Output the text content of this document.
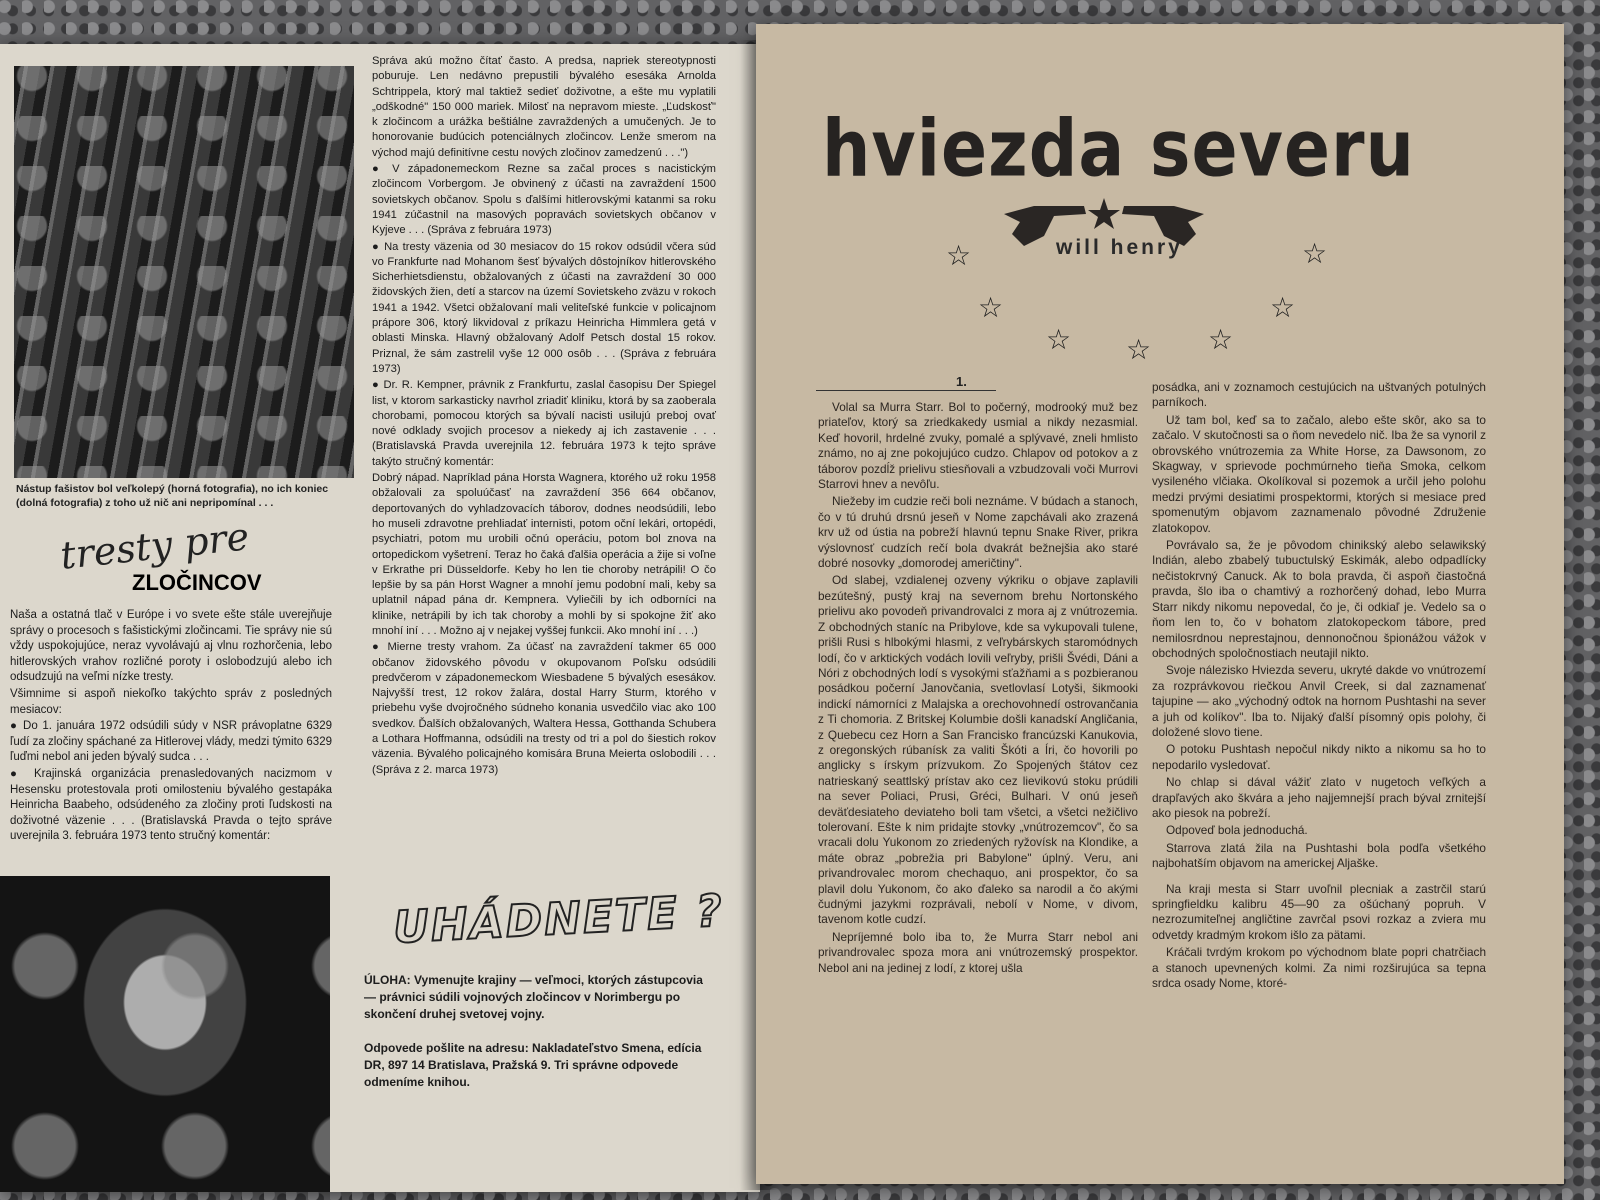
Nástup fašistov bol veľkolepý (horná fotografia), no ich koniec (dolná fotografia) z toho už nič ani nepripomínal . . .
tresty pre
ZLOČINCOV

Naša a ostatná tlač v Európe i vo svete ešte stále uverejňuje správy o procesoch s fašistickými zločincami. Tie správy nie sú vždy uspokojujúce, neraz vyvolávajú aj vlnu rozhorčenia, lebo hitlerovských vrahov rozličné poroty i oslobodzujú alebo ich odsudzujú na veľmi nízke tresty.

Všimnime si aspoň niekoľko takýchto správ z posledných mesiacov:

● Do 1. januára 1972 odsúdili súdy v NSR právoplatne 6329 ľudí za zločiny spáchané za Hitlerovej vlády, medzi týmito 6329 ľuďmi nebol ani jeden bývalý sudca . . .

● Krajinská organizácia prenasledovaných nacizmom v Hesensku protestovala proti omilosteniu bývalého gestapáka Heinricha Baabeho, odsúdeného za zločiny proti ľudskosti na doživotné väzenie . . . (Bratislavská Pravda o tejto správe uverejnila 3. februára 1973 tento stručný komentár:

Správa akú možno čítať často. A predsa, napriek stereotypnosti poburuje. Len nedávno prepustili bývalého esesáka Arnolda Schtrippela, ktorý mal taktiež sedieť doživotne, a ešte mu vyplatili „odškodné" 150 000 mariek. Milosť na nepravom mieste. „Ľudskosť" k zločincom a urážka beštiálne zavraždených a umučených. Je to honorovanie budúcich potenciálnych zločincov. Lenže smerom na východ majú definitívne cestu nových zločinov zamedzenú . . .")

● V západonemeckom Rezne sa začal proces s nacistickým zločincom Vorbergom. Je obvinený z účasti na zavraždení 1500 sovietskych občanov. Spolu s ďalšími hitlerovskými katanmi sa roku 1941 zúčastnil na masových popravách sovietskych občanov v Kyjeve . . . (Správa z februára 1973)

● Na tresty väzenia od 30 mesiacov do 15 rokov odsúdil včera súd vo Frankfurte nad Mohanom šesť bývalých dôstojníkov hitlerovského Sicherhietsdienstu, obžalovaných z účasti na zavraždení 30 000 židovských žien, detí a starcov na území Sovietskeho zväzu v rokoch 1941 a 1942. Všetci obžalovaní mali veliteľské funkcie v policajnom prápore 306, ktorý likvidoval z príkazu Heinricha Himmlera getá v oblasti Minska. Hlavný obžalovaný Adolf Petsch dostal 15 rokov. Priznal, že sám zastrelil vyše 12 000 osôb . . . (Správa z februára 1973)

● Dr. R. Kempner, právnik z Frankfurtu, zaslal časopisu Der Spiegel list, v ktorom sarkasticky navrhol zriadiť kliniku, ktorá by sa zaoberala chorobami, pomocou ktorých sa bývalí nacisti usilujú preboj ovať nové odklady svojich procesov a niekedy aj ich zastavenie . . . (Bratislavská Pravda uverejnila 12. februára 1973 k tejto správe takýto stručný komentár:

Dobrý nápad. Napríklad pána Horsta Wagnera, ktorého už roku 1958 obžalovali za spoluúčasť na zavraždení 356 664 občanov, deportovaných do vyhladzovacích táborov, dodnes neodsúdili, lebo ho museli zdravotne prehliadať internisti, potom oční lekári, ortopédi, psychiatri, potom mu urobili očnú operáciu, potom bol znova na ortopedickom vyšetrení. Teraz ho čaká ďalšia operácia a žije si voľne v Erkrathe pri Düsseldorfe. Keby ho len tie choroby netrápili! O čo lepšie by sa pán Horst Wagner a mnohí jemu podobní mali, keby sa uplatnil nápad pána dr. Kempnera. Vyliečili by ich odborníci na klinike, netrápili by ich tak choroby a mohli by si spokojne žiť ako mnohí iní . . . Možno aj v nejakej vyššej funkcii. Ako mnohí iní . . .)

● Mierne tresty vrahom. Za účasť na zavraždení takmer 65 000 občanov židovského pôvodu v okupovanom Poľsku odsúdili predvčerom v západonemeckom Wiesbadene 5 bývalých esesákov. Najvyšší trest, 12 rokov žalára, dostal Harry Sturm, ktorého v priebehu vyše dvojročného súdneho konania usvedčilo viac ako 100 svedkov. Ďalších obžalovaných, Waltera Hessa, Gotthanda Schubera a Lothara Hoffmanna, odsúdili na tresty od tri a pol do šiestich rokov väzenia. Bývalého policajného komisára Bruna Meierta oslobodili . . . (Správa z 2. marca 1973)

UHÁDNETE ?
ÚLOHA: Vymenujte krajiny — veľmoci, ktorých zástupcovia — právnici súdili vojnových zločincov v Norimbergu po skončení druhej svetovej vojny.
Odpovede pošlite na adresu: Nakladateľstvo Smena, edícia DR, 897 14 Bratislava, Pražská 9. Tri správne odpovede odmeníme knihou.
hviezda severu
will henry
☆	☆
☆	☆
☆ ☆ ☆
1.

Volal sa Murra Starr. Bol to počerný, modrooký muž bez priateľov, ktorý sa zriedkakedy usmial a nikdy nezasmial. Keď hovoril, hrdelné zvuky, pomalé a splývavé, zneli hmlisto známo, no aj zne pokojujúco cudzo. Chlapov od potokov a z táborov pozdĺž prielivu stiesňovali a vzbudzovali voči Murrovi Starrovi hnev a nevôľu.

Niežeby im cudzie reči boli neznáme. V búdach a stanoch, čo v tú druhú drsnú jeseň v Nome zapchávali ako zrazená krv už od ústia na pobreží hlavnú tepnu Snake River, prikra výslovnosť cudzích rečí bola dvakrát bežnejšia ako staré dobré nosovky „domorodej američtiny".

Od slabej, vzdialenej ozveny výkriku o objave zaplavili bezútešný, pustý kraj na severnom brehu Nortonského prielivu ako povodeň privandrovalci z mora aj z vnútrozemia. Z obchodných staníc na Pribylove, kde sa vykupovali tulene, prišli Rusi s hlbokými hlasmi, z veľrybárskych staromódnych lodí, čo v arktických vodách lovili veľryby, prišli Švédi, Dáni a Nóri z obchodných lodí s vysokými sťažňami a s pozbieranou posádkou počerní Janovčania, svetlovlasí Lotyši, šikmooki indickí námorníci z Malajska a orechovohnedí ostrovančania z Ti chomoria. Z Britskej Kolumbie došli kanadskí Angličania, z Quebecu cez Horn a San Francisko francúzski Kanukovia, z oregonských rúbanísk za valiti Škóti a Íri, čo hovorili po anglicky s írskym prízvukom. Zo Spojených štátov cez natrieskaný seattlský prístav ako cez lievikovú stoku prúdili na sever Poliaci, Prusi, Gréci, Bulhari. V onú jeseň deväťdesiateho deviateho boli tam všetci, a všetci nežičlivo tolerovaní. Ešte k nim pridajte stovky „vnútrozemcov", čo sa vracali dolu Yukonom zo zriedených ryžovísk na Klondike, a máte obraz „pobrežia pri Babylone" úplný. Veru, ani privandrovalec morom chechaquo, ani prospektor, čo sa plavil dolu Yukonom, čo ako ďaleko sa narodil a čo akými čudnými jazykmi rozprávali, nebolí v Nome, v divom, tavenom kotle cudzí.

Nepríjemné bolo iba to, že Murra Starr nebol ani privandrovalec spoza mora ani vnútrozemský prospektor. Nebol ani na jedinej z lodí, z ktorej ušla

posádka, ani v zoznamoch cestujúcich na uštvaných potulných parníkoch.

Už tam bol, keď sa to začalo, alebo ešte skôr, ako sa to začalo. V skutočnosti sa o ňom nevedelo nič. Iba že sa vynoril z obrovského vnútrozemia za White Horse, za Dawsonom, zo Skagway, v sprievode pochmúrneho tieňa Smoka, celkom vysileného vlčiaka. Okolíkoval si pozemok a určil jeho polohu medzi prvými desiatimi prospektormi, ktorých si mesiace pred spomenutým objavom zaznamenalo pôvodné Združenie zlatokopov.

Povrávalo sa, že je pôvodom chinikský alebo selawikský Indián, alebo zbabelý tubuctulský Eskimák, alebo odpadlícky nečistokrvný Canuck. Ak to bola pravda, či aspoň čiastočná pravda, šlo iba o chamtivý a rozhorčený dohad, lebo Murra Starr nikdy nikomu nepovedal, čo je, či odkiaľ je. Vedelo sa o ňom len to, čo v bohatom zlatokopeckom tábore, pred nemilosrdnou neprestajnou, dennonočnou špionážou vážok v obchodných spoločnostiach neutajil nikto.

Svoje nálezisko Hviezda severu, ukryté dakde vo vnútrozemí za rozprávkovou riečkou Anvil Creek, si dal zaznamenať tajupine — ako „východný odtok na hornom Pushtashi na sever a juh od kolíkov". Iba to. Nijaký ďalší písomný opis polohy, či doložené slovo tiene.

O potoku Pushtash nepočul nikdy nikto a nikomu sa ho to nepodarilo vysledovať.

No chlap si dával vážiť zlato v nugetoch veľkých a drapľavých ako škvára a jeho najjemnejší prach býval zrnitejší ako piesok na pobreží.

Odpoveď bola jednoduchá.

Starrova zlatá žila na Pushtashi bola podľa všetkého najbohatším objavom na americkej Aljaške.

Na kraji mesta si Starr uvoľnil plecniak a zastrčil starú springfieldku kalibru 45—90 za ošúchaný popruh. V nezrozumiteľnej angličtine zavrčal psovi rozkaz a zviera mu odvetdy kradmým krokom išlo za pätami.

Kráčali tvrdým krokom po východnom blate popri chatrčiach a stanoch upevnených kolmi. Za nimi rozširujúca sa tepna srdca osady Nome, ktoré-
